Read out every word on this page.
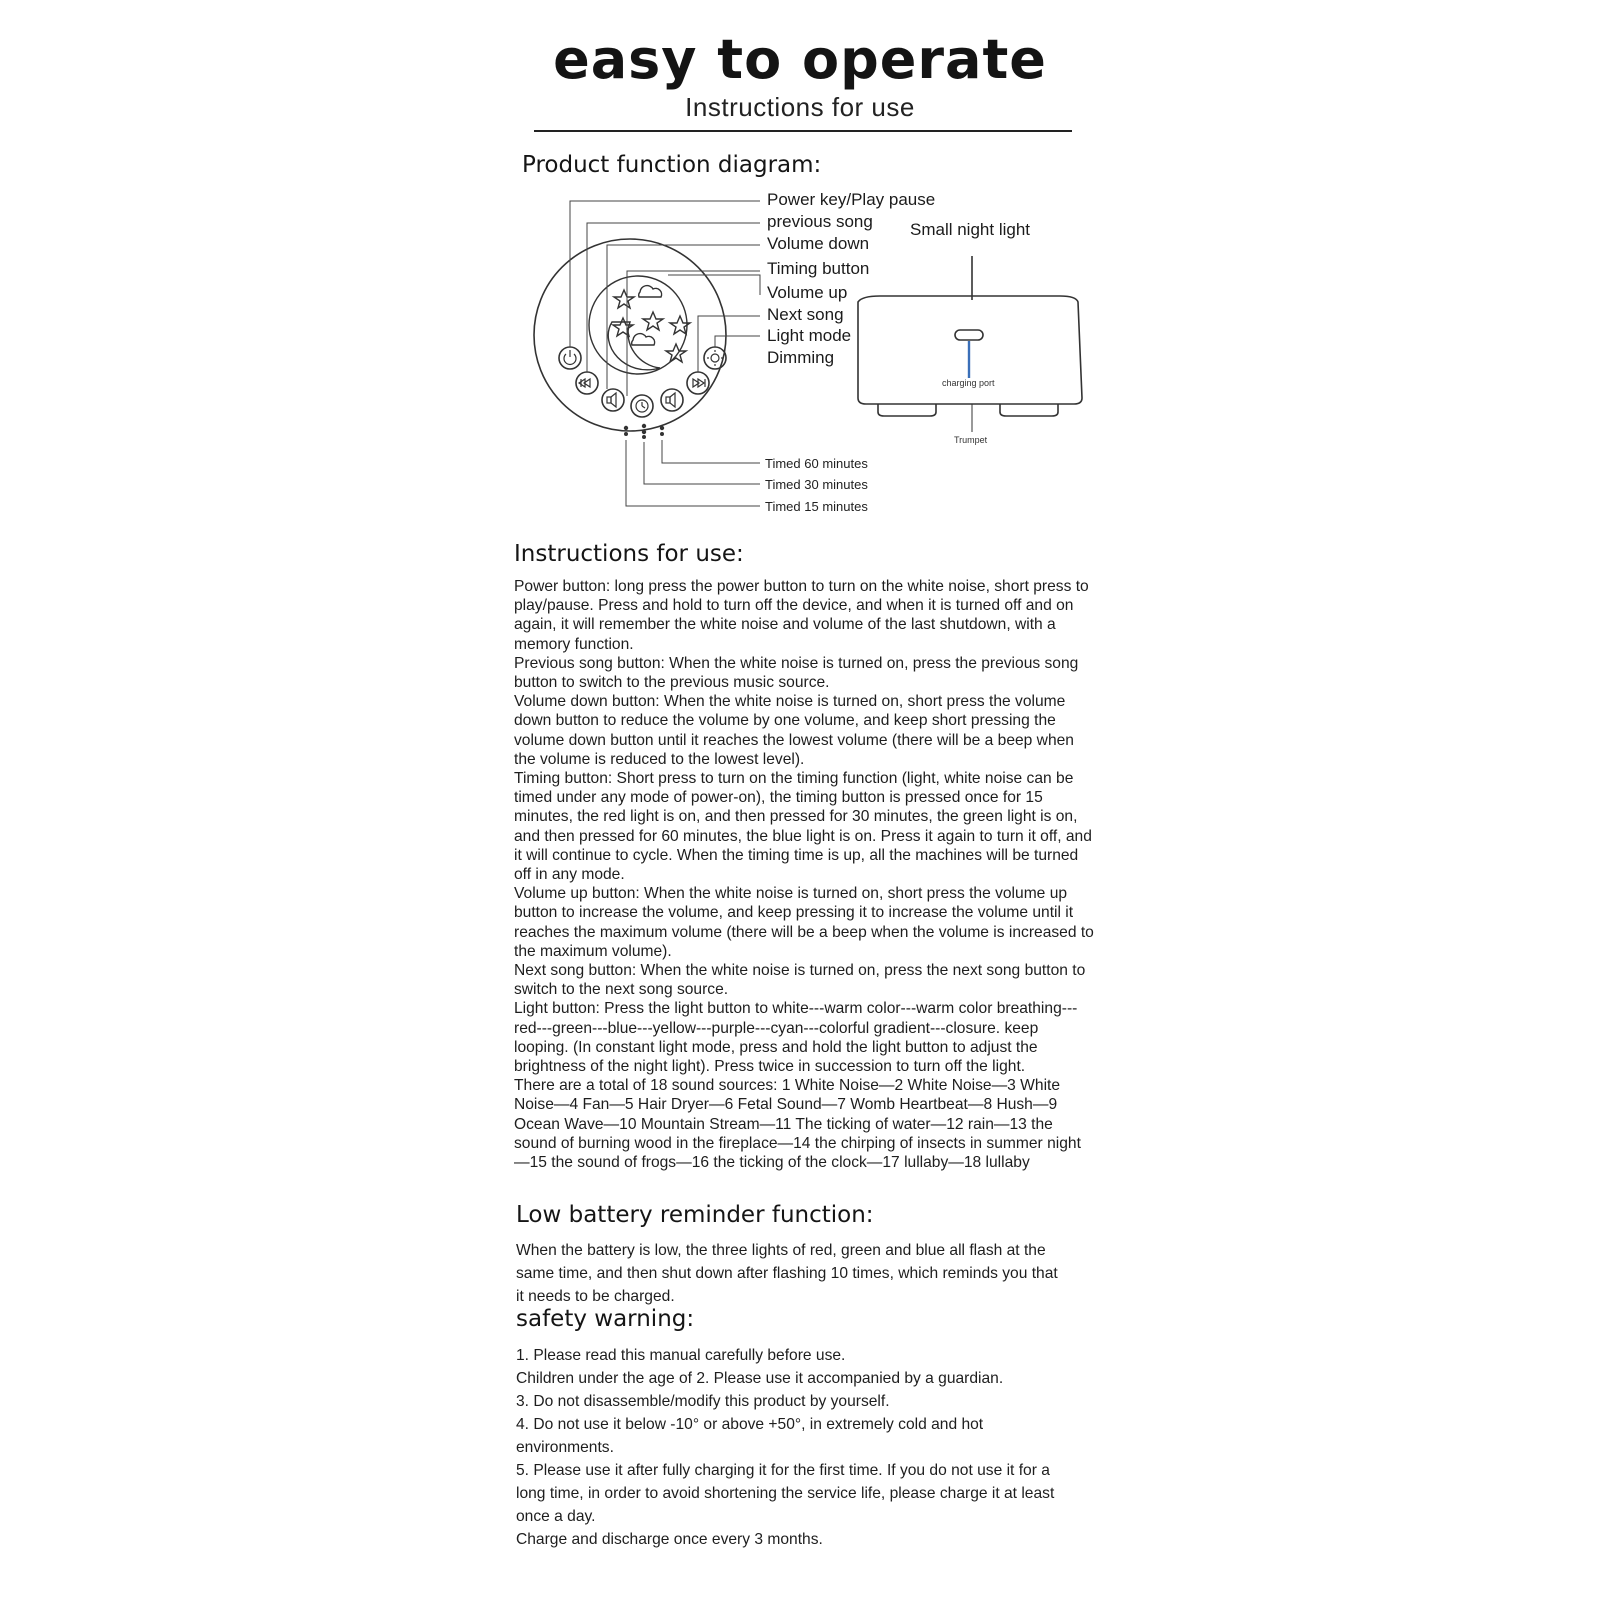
easy to operate
Instructions for use
Product function diagram:
Power key/Play pause
previous song
Volume down
Timing button
Volume up
Next song
Light mode
Dimming
Timed 60 minutes
Timed 30 minutes
Timed 15 minutes
Small night light
charging port
Trumpet
Instructions for use:

Power button: long press the power button to turn on the white noise, short press to play/pause. Press and hold to turn off the device, and when it is turned off and on again, it will remember the white noise and volume of the last shutdown, with a memory function.

Previous song button: When the white noise is turned on, press the previous song button to switch to the previous music source.

Volume down button: When the white noise is turned on, short press the volume down button to reduce the volume by one volume, and keep short pressing the volume down button until it reaches the lowest volume (there will be a beep when the volume is reduced to the lowest level).

Timing button: Short press to turn on the timing function (light, white noise can be timed under any mode of power-on), the timing button is pressed once for 15 minutes, the red light is on, and then pressed for 30 minutes, the green light is on, and then pressed for 60 minutes, the blue light is on. Press it again to turn it off, and it will continue to cycle. When the timing time is up, all the machines will be turned off in any mode.

Volume up button: When the white noise is turned on, short press the volume up button to increase the volume, and keep pressing it to increase the volume until it reaches the maximum volume (there will be a beep when the volume is increased to the maximum volume).

Next song button: When the white noise is turned on, press the next song button to switch to the next song source.

Light button: Press the light button to white---warm color---warm color breathing---red---green---blue---yellow---purple---cyan---colorful gradient---closure. keep looping. (In constant light mode, press and hold the light button to adjust the brightness of the night light). Press twice in succession to turn off the light.

There are a total of 18 sound sources: 1 White Noise—2 White Noise—3 White Noise—4 Fan—5 Hair Dryer—6 Fetal Sound—7 Womb Heartbeat—8 Hush—9 Ocean Wave—10 Mountain Stream—11 The ticking of water—12 rain—13 the sound of burning wood in the fireplace—14 the chirping of insects in summer night—15 the sound of frogs—16 the ticking of the clock—17 lullaby—18 lullaby

Low battery reminder function:

When the battery is low, the three lights of red, green and blue all flash at the same time, and then shut down after flashing 10 times, which reminds you that it needs to be charged.

safety warning:

1. Please read this manual carefully before use.

Children under the age of 2. Please use it accompanied by a guardian.

3. Do not disassemble/modify this product by yourself.

4. Do not use it below -10° or above +50°, in extremely cold and hot environments.

5. Please use it after fully charging it for the first time. If you do not use it for a long time, in order to avoid shortening the service life, please charge it at least once a day.

Charge and discharge once every 3 months.
